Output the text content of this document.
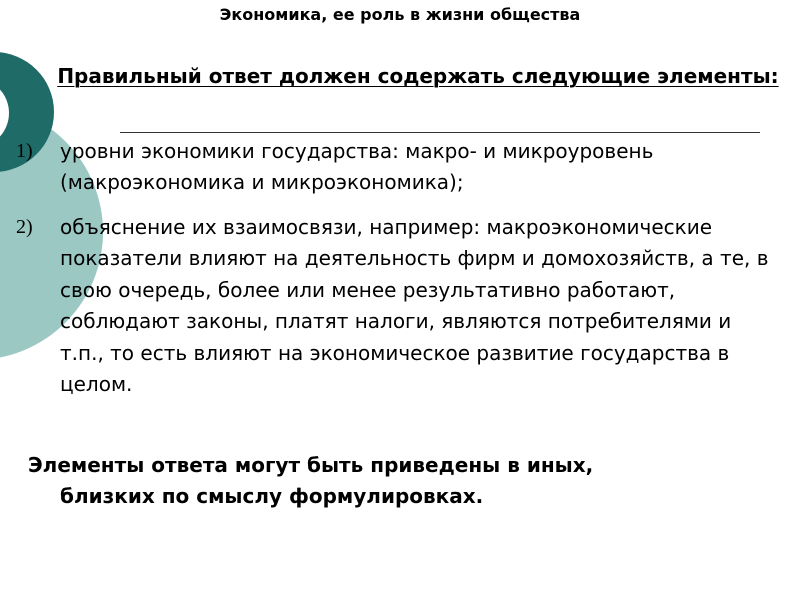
Экономика, ее роль в жизни общества
Правильный ответ должен содержать следующие элементы:
1) уровни экономики государства: макро- и микроуровень (макроэкономика и микроэкономика);
2) объяснение их взаимосвязи, например: макроэкономические показатели влияют на деятельность фирм и домохозяйств, а те, в свою очередь, более или менее результативно работают, соблюдают законы, платят налоги, являются потребителями и т.п., то есть влияют на экономическое развитие государства в целом.
Элементы ответа могут быть приведены в иных,
близких по смыслу формулировках.
